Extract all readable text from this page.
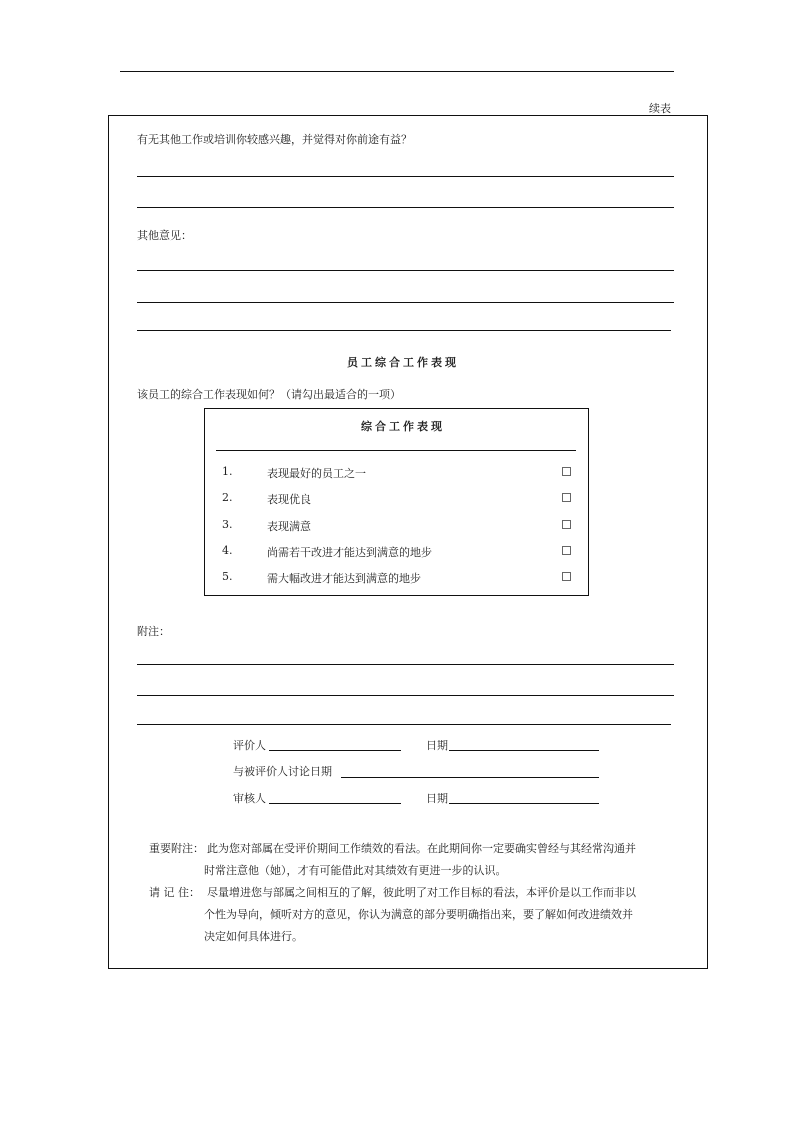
续表
有无其他工作或培训你较感兴趣，并觉得对你前途有益？
其他意见：
员工综合工作表现
该员工的综合工作表现如何？（请勾出最适合的一项）
综合工作表现
1.	表现最好的员工之一
2.	表现优良
3.	表现满意
4.	尚需若干改进才能达到满意的地步
5.	需大幅改进才能达到满意的地步
附注：
评价人	日期
与被评价人讨论日期
审核人	日期
重要附注： 此为您对部属在受评价期间工作绩效的看法。在此期间你一定要确实曾经与其经常沟通并
时常注意他（她），才有可能借此对其绩效有更进一步的认识。
请 记 住： 尽量增进您与部属之间相互的了解，彼此明了对工作目标的看法，本评价是以工作而非以
个性为导向，倾听对方的意见，你认为满意的部分要明确指出来，要了解如何改进绩效并
决定如何具体进行。
